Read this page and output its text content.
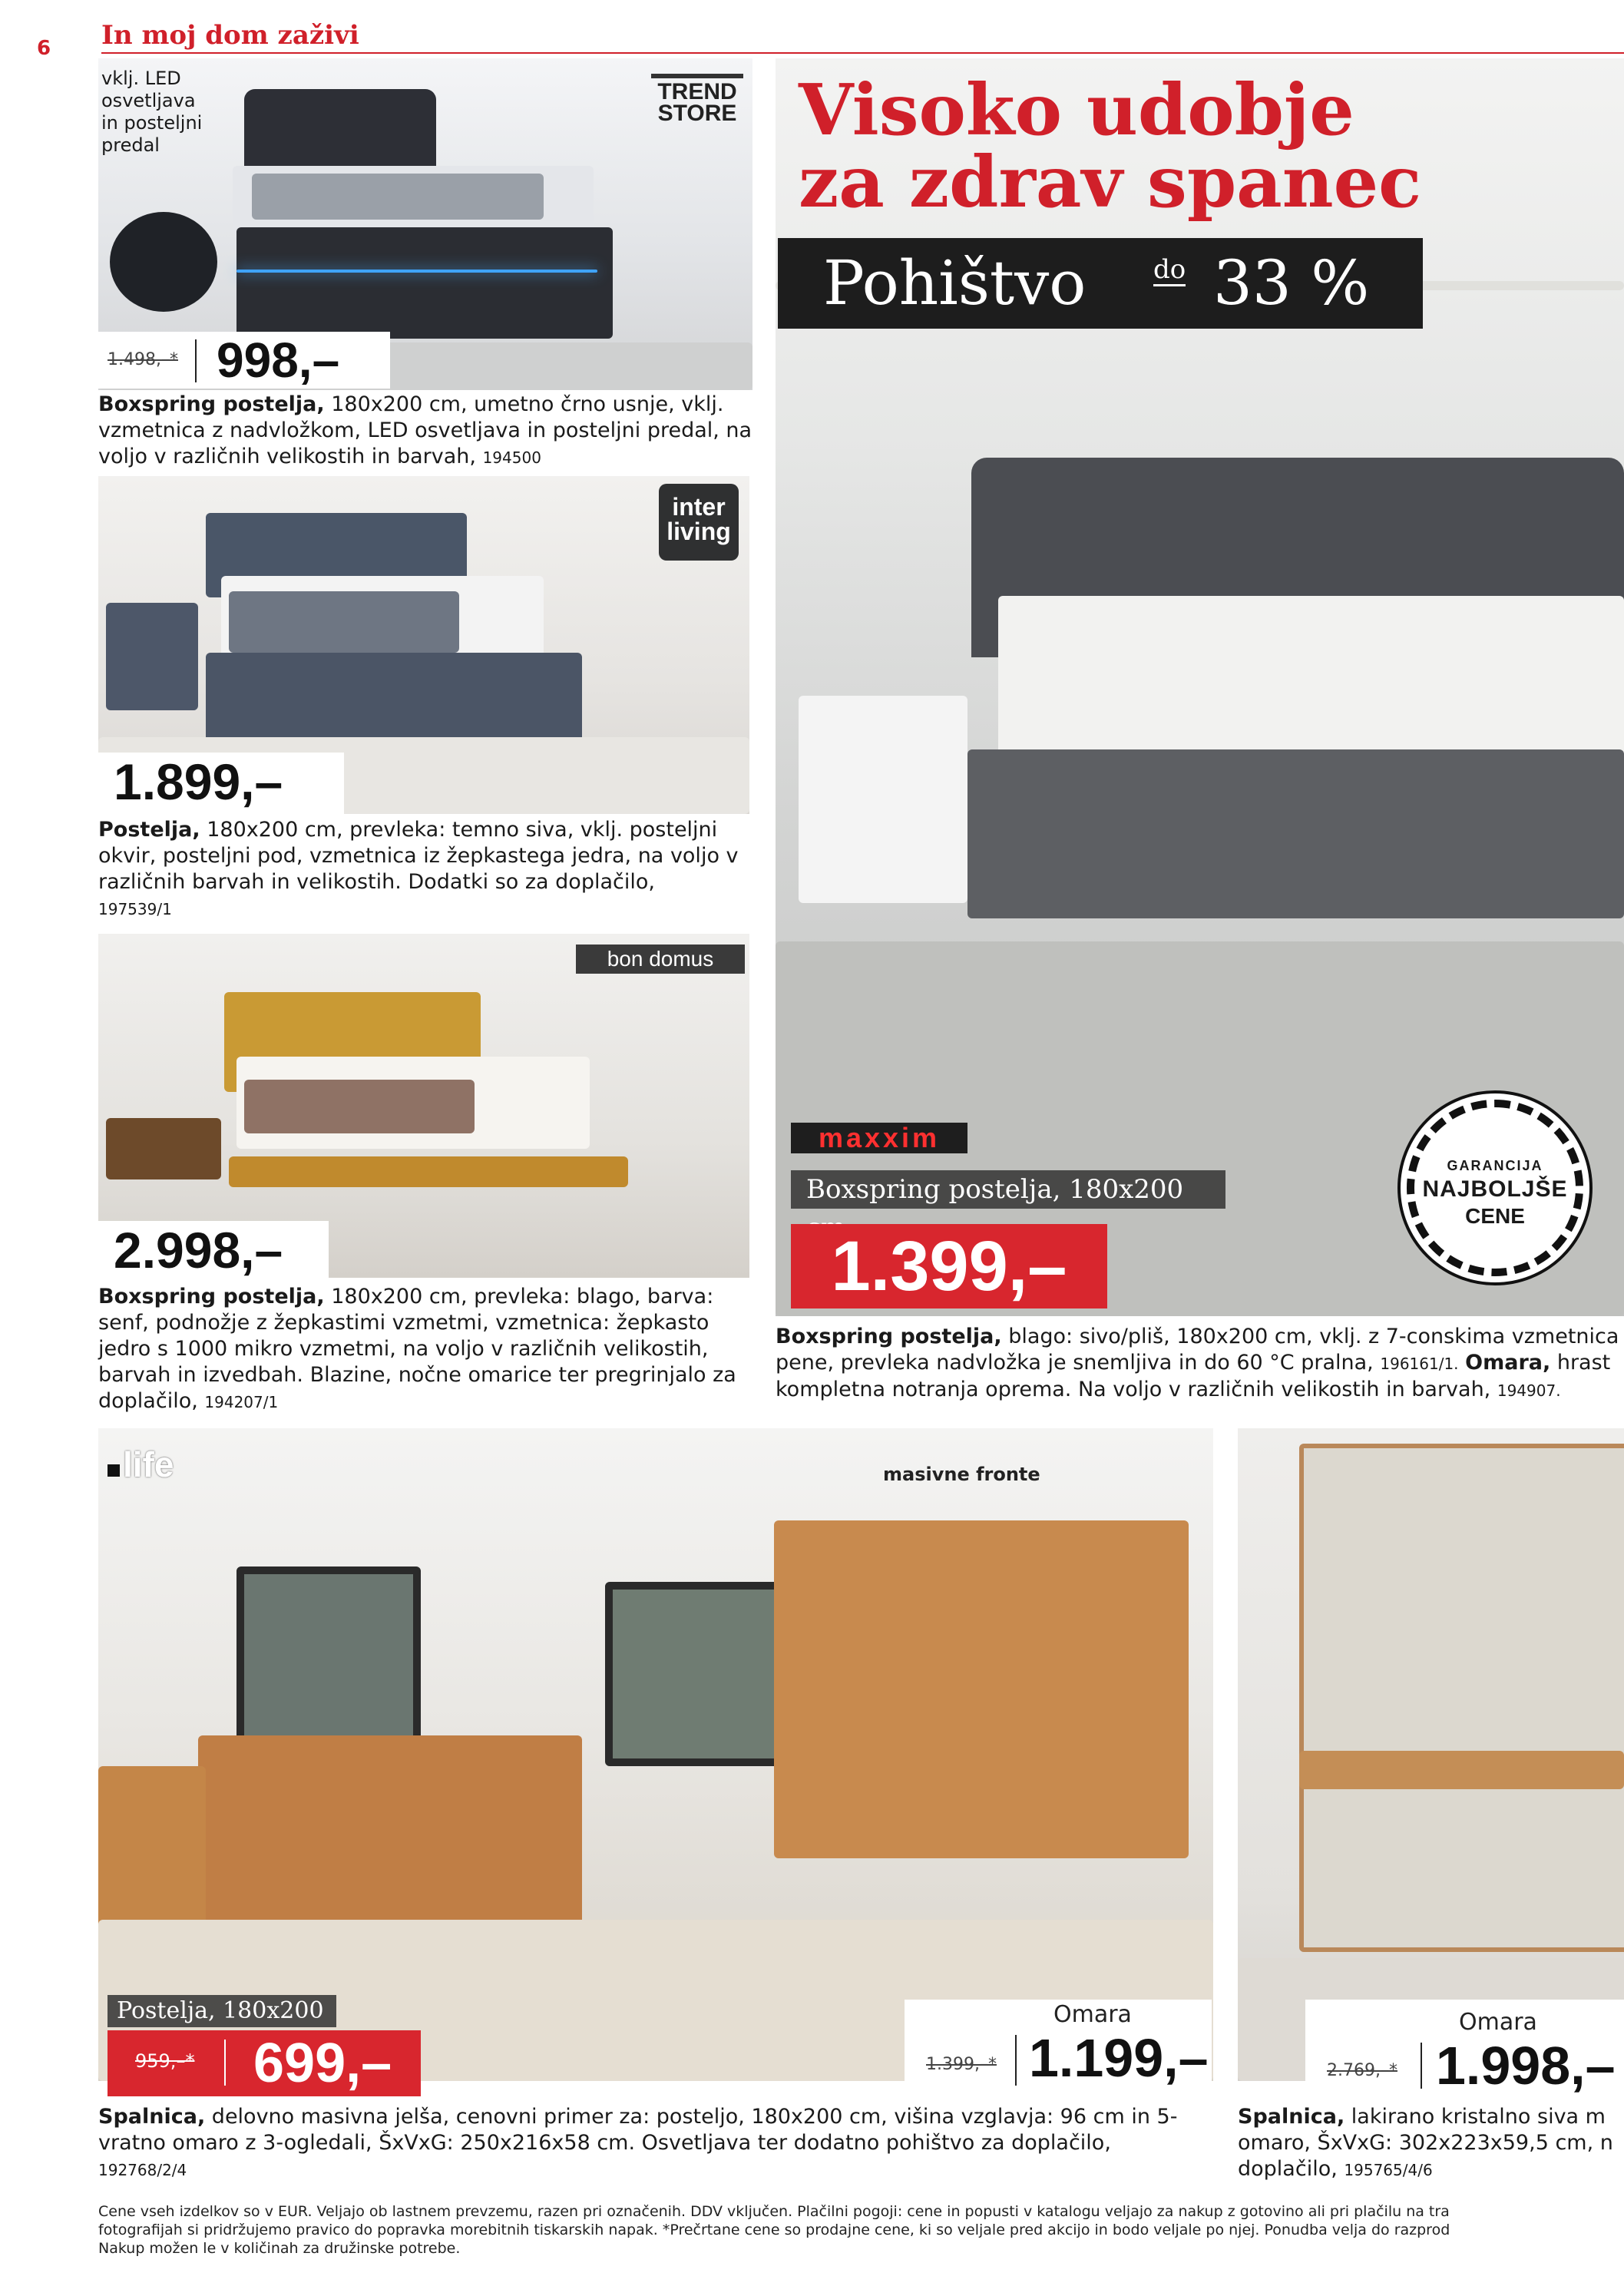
6 In moj dom zaživi
vklj. LED
osvetljava
in posteljni
predal
TREND
STORE
1.498,–* 998,–
Boxspring postelja, 180x200 cm, umetno črno usnje, vklj. vzmetnica z nadvložkom, LED osvetljava in posteljni predal, na voljo v različnih velikostih in barvah, 194500
inter
living
1.899,–
Postelja, 180x200 cm, prevleka: temno siva, vklj. posteljni okvir, posteljni pod, vzmetnica iz žepkastega jedra, na voljo v različnih barvah in velikostih. Dodatki so za doplačilo,
197539/1
bon domus
2.998,–
Boxspring postelja, 180x200 cm, prevleka: blago, barva: senf, podnožje z žepkastimi vzmetmi, vzmetnica: žepkasto jedro s 1000 mikro vzmetmi, na voljo v različnih velikostih, barvah in izvedbah. Blazine, nočne omarice ter pregrinjalo za doplačilo, 194207/1
Visoko udobje
za zdrav spanec
Pohištvo	do 33 %
maxxim
Boxspring postelja, 180x200
1.399,–
GARANCIJA
NAJBOLJŠE
CENE
Boxspring postelja, blago: sivo/pliš, 180x200 cm, vklj. z 7-conskima vzmetnica
pene, prevleka nadvložka je snemljiva in do 60 °C pralna, 196161/1. Omara, hrast
kompletna notranja oprema. Na voljo v različnih velikostih in barvah, 194907.
life	masivne fronte
Postelja, 180x200
959,–* 699,–
Omara
1.399,–* 1.199,–
Spalnica, delovno masivna jelša, cenovni primer za: posteljo, 180x200 cm, višina vzglavja: 96 cm in 5-vratno omaro z 3-ogledali, ŠxVxG: 250x216x58 cm. Osvetljava ter dodatno pohištvo za doplačilo,
192768/2/4
Omara
2.769,–* 1.998,–
Spalnica, lakirano kristalno siva m
omaro, ŠxVxG: 302x223x59,5 cm, n
doplačilo, 195765/4/6
Cene vseh izdelkov so v EUR. Veljajo ob lastnem prevzemu, razen pri označenih. DDV vključen. Plačilni pogoji: cene in popusti v katalogu veljajo za nakup z gotovino ali pri plačilu na tra
fotografijah si pridržujemo pravico do popravka morebitnih tiskarskih napak. *Prečrtane cene so prodajne cene, ki so veljale pred akcijo in bodo veljale po njej. Ponudba velja do razprod
Nakup možen le v količinah za družinske potrebe.
